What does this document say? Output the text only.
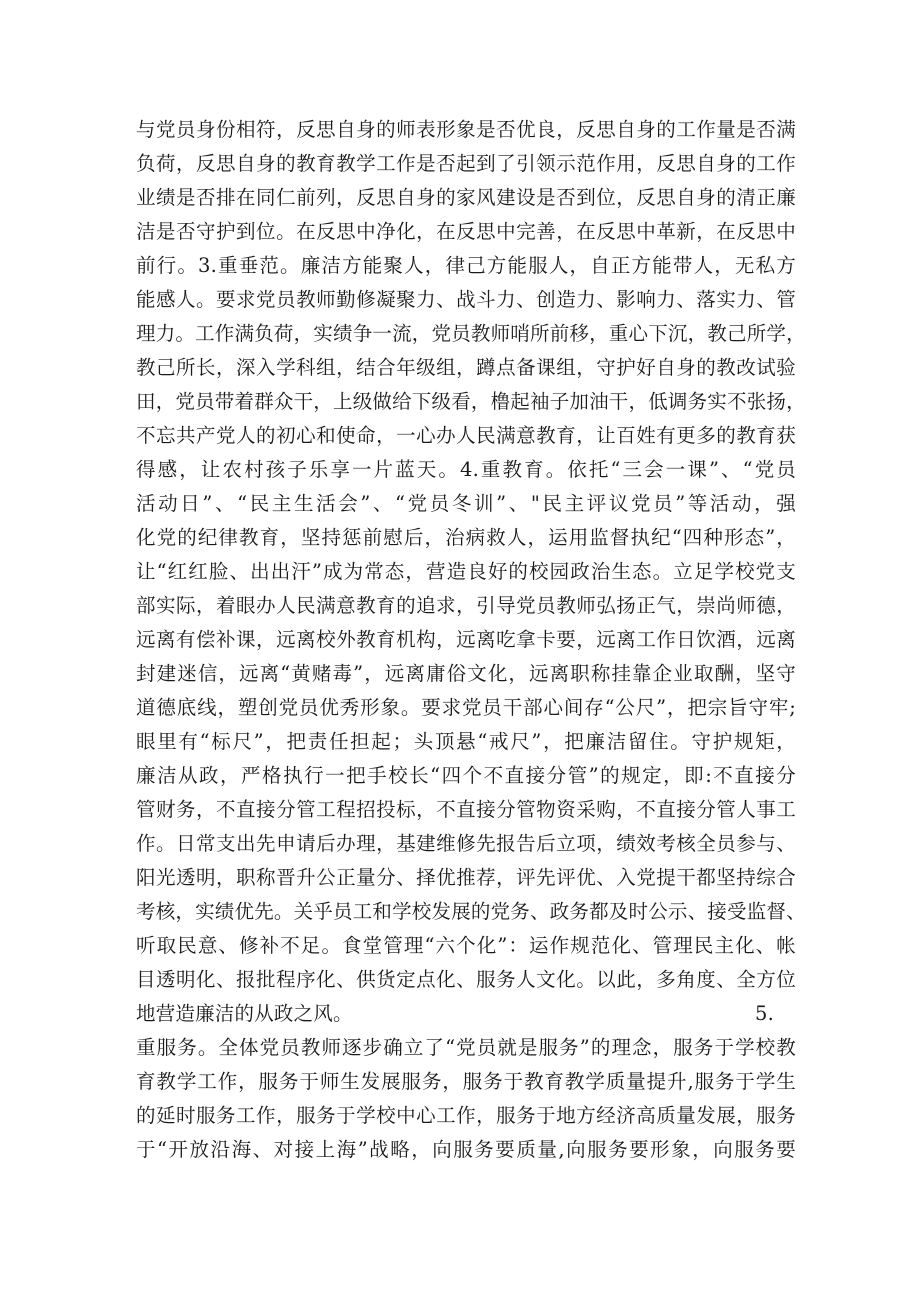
与党员身份相符，反思自身的师表形象是否优良，反思自身的工作量是否满
负荷，反思自身的教育教学工作是否起到了引领示范作用，反思自身的工作
业绩是否排在同仁前列，反思自身的家风建设是否到位，反思自身的清正廉
洁是否守护到位。在反思中净化，在反思中完善，在反思中革新，在反思中
前行。3.重垂范。廉洁方能聚人，律己方能服人，自正方能带人，无私方
能感人。要求党员教师勤修凝聚力、战斗力、创造力、影响力、落实力、管
理力。工作满负荷，实绩争一流，党员教师哨所前移，重心下沉，教己所学，
教己所长，深入学科组，结合年级组，蹲点备课组，守护好自身的教改试验
田，党员带着群众干，上级做给下级看，橹起袖子加油干，低调务实不张扬，
不忘共产党人的初心和使命，一心办人民满意教育，让百姓有更多的教育获
得感，让农村孩子乐享一片蓝天。4.重教育。依托“三会一课”、“党员
活动日”、“民主生活会”、“党员冬训”、"民主评议党员”等活动，强
化党的纪律教育，坚持惩前慰后，治病救人，运用监督执纪“四种形态”，
让“红红脸、出出汗”成为常态，营造良好的校园政治生态。立足学校党支
部实际，着眼办人民满意教育的追求，引导党员教师弘扬正气，崇尚师德，
远离有偿补课，远离校外教育机构，远离吃拿卡要，远离工作日饮酒，远离
封建迷信，远离“黄赌毒”，远离庸俗文化，远离职称挂靠企业取酬，坚守
道德底线，塑创党员优秀形象。要求党员干部心间存“公尺”，把宗旨守牢;
眼里有“标尺”，把责任担起；头顶悬“戒尺”，把廉洁留住。守护规矩，
廉洁从政，严格执行一把手校长“四个不直接分管”的规定，即:不直接分
管财务，不直接分管工程招投标，不直接分管物资采购，不直接分管人事工
作。日常支出先申请后办理，基建维修先报告后立项，绩效考核全员参与、
阳光透明，职称晋升公正量分、择优推荐，评先评优、入党提干都坚持综合
考核，实绩优先。关乎员工和学校发展的党务、政务都及时公示、接受监督、
听取民意、修补不足。食堂管理“六个化”：运作规范化、管理民主化、帐
目透明化、报批程序化、供货定点化、服务人文化。以此，多角度、全方位
地营造廉洁的从政之风。	5.
重服务。全体党员教师逐步确立了“党员就是服务”的理念，服务于学校教
育教学工作，服务于师生发展服务，服务于教育教学质量提升,服务于学生
的延时服务工作，服务于学校中心工作，服务于地方经济高质量发展，服务
于“开放沿海、对接上海”战略，向服务要质量,向服务要形象，向服务要
